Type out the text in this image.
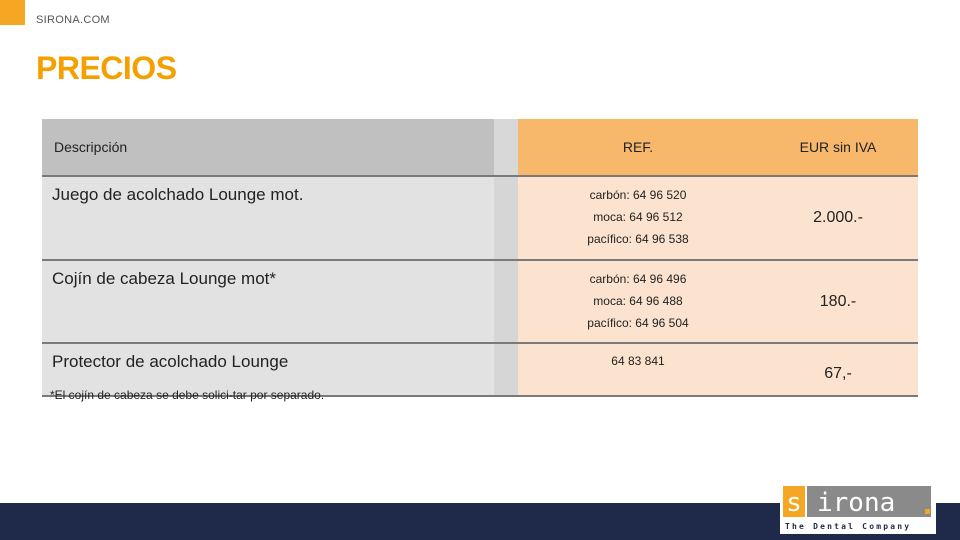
SIRONA.COM
PRECIOS
Descripción		REF.	EUR sin IVA
Juego de acolchado Lounge mot.		carbón: 64 96 520
moca: 64 96 512
pacífico: 64 96 538	2.000.-
Cojín de cabeza Lounge mot*		carbón: 64 96 496
moca: 64 96 488
pacífico: 64 96 504	180.-
Protector de acolchado Lounge		64 83 841	67,-
*El cojín de cabeza se debe solici-tar por separado.
s irona
The Dental Company
